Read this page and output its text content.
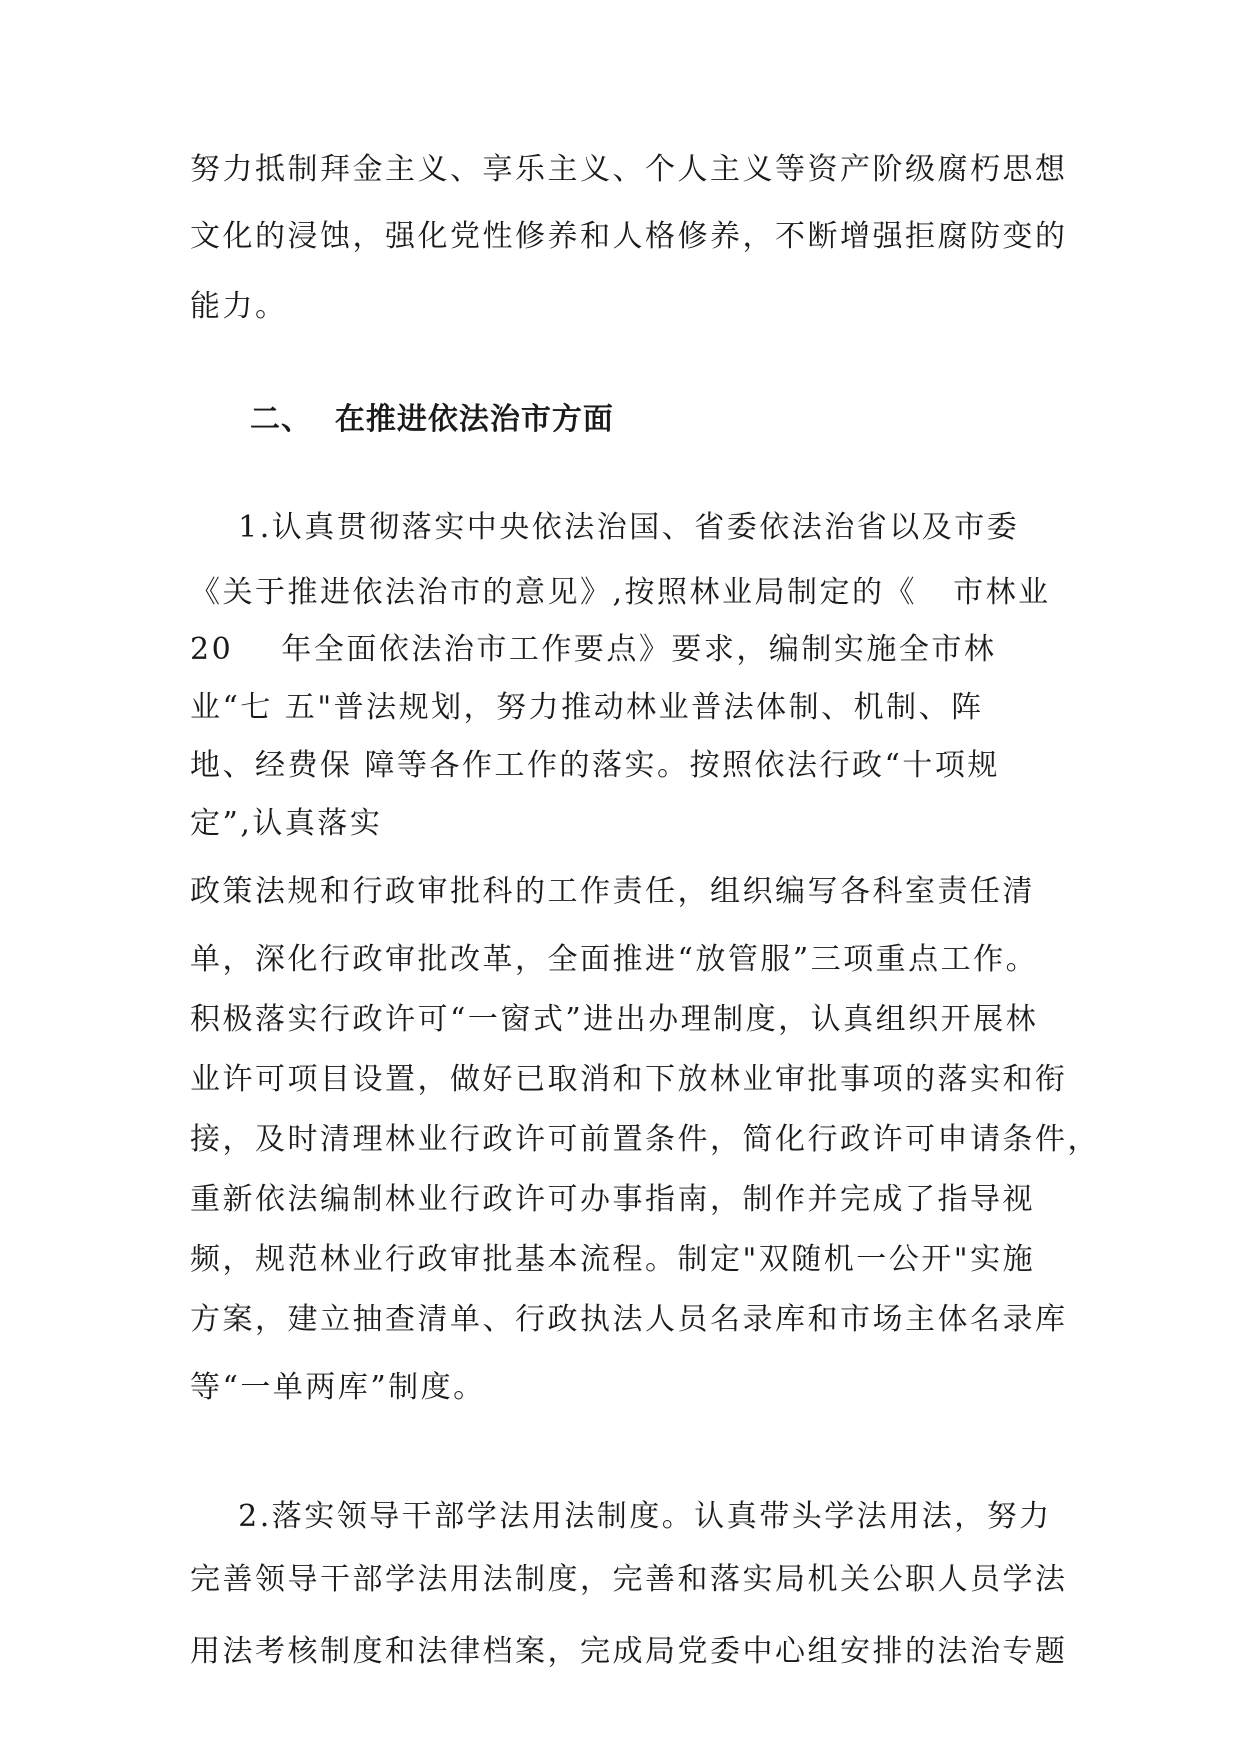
努力抵制拜金主义、享乐主义、个人主义等资产阶级腐朽思想
文化的浸蚀，强化党性修养和人格修养，不断增强拒腐防变的
能力。
二、  在推进依法治市方面
1.认真贯彻落实中央依法治国、省委依法治省以及市委
《关于推进依法治市的意见》,按照林业局制定的《   市林业
20    年全面依法治市工作要点》要求，编制实施全市林
业“七 五"普法规划，努力推动林业普法体制、机制、阵
地、经费保 障等各作工作的落实。按照依法行政“十项规
定”,认真落实
政策法规和行政审批科的工作责任，组织编写各科室责任清
单，深化行政审批改革，全面推进“放管服”三项重点工作。
积极落实行政许可“一窗式”进出办理制度，认真组织开展林
业许可项目设置，做好已取消和下放林业审批事项的落实和衔
接，及时清理林业行政许可前置条件，简化行政许可申请条件，
重新依法编制林业行政许可办事指南，制作并完成了指导视
频，规范林业行政审批基本流程。制定"双随机一公开"实施
方案，建立抽查清单、行政执法人员名录库和市场主体名录库
等“一单两库”制度。
2.落实领导干部学法用法制度。认真带头学法用法，努力
完善领导干部学法用法制度，完善和落实局机关公职人员学法
用法考核制度和法律档案，完成局党委中心组安排的法治专题
